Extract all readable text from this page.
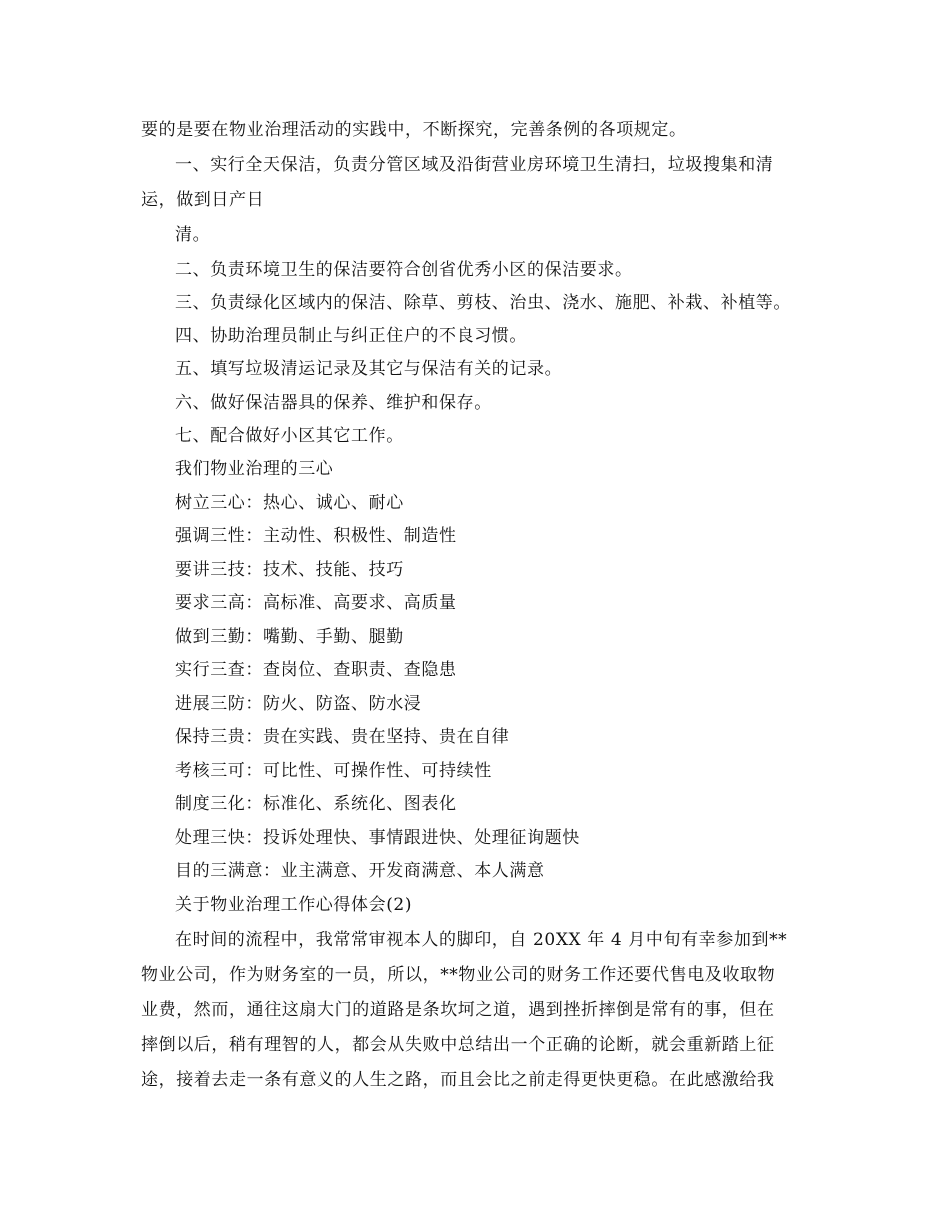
要的是要在物业治理活动的实践中，不断探究，完善条例的各项规定。
一、实行全天保洁，负责分管区域及沿街营业房环境卫生清扫，垃圾搜集和清
运，做到日产日
清。
二、负责环境卫生的保洁要符合创省优秀小区的保洁要求。
三、负责绿化区域内的保洁、除草、剪枝、治虫、浇水、施肥、补栽、补植等。
四、协助治理员制止与纠正住户的不良习惯。
五、填写垃圾清运记录及其它与保洁有关的记录。
六、做好保洁器具的保养、维护和保存。
七、配合做好小区其它工作。
我们物业治理的三心
树立三心：热心、诚心、耐心
强调三性：主动性、积极性、制造性
要讲三技：技术、技能、技巧
要求三高：高标准、高要求、高质量
做到三勤：嘴勤、手勤、腿勤
实行三查：查岗位、查职责、查隐患
进展三防：防火、防盗、防水浸
保持三贵：贵在实践、贵在坚持、贵在自律
考核三可：可比性、可操作性、可持续性
制度三化：标准化、系统化、图表化
处理三快：投诉处理快、事情跟进快、处理征询题快
目的三满意：业主满意、开发商满意、本人满意
关于物业治理工作心得体会(2)
在时间的流程中，我常常审视本人的脚印，自 20XX 年 4 月中旬有幸参加到**
物业公司，作为财务室的一员，所以，**物业公司的财务工作还要代售电及收取物
业费，然而，通往这扇大门的道路是条坎坷之道，遇到挫折摔倒是常有的事，但在
摔倒以后，稍有理智的人，都会从失败中总结出一个正确的论断，就会重新踏上征
途，接着去走一条有意义的人生之路，而且会比之前走得更快更稳。在此感激给我
